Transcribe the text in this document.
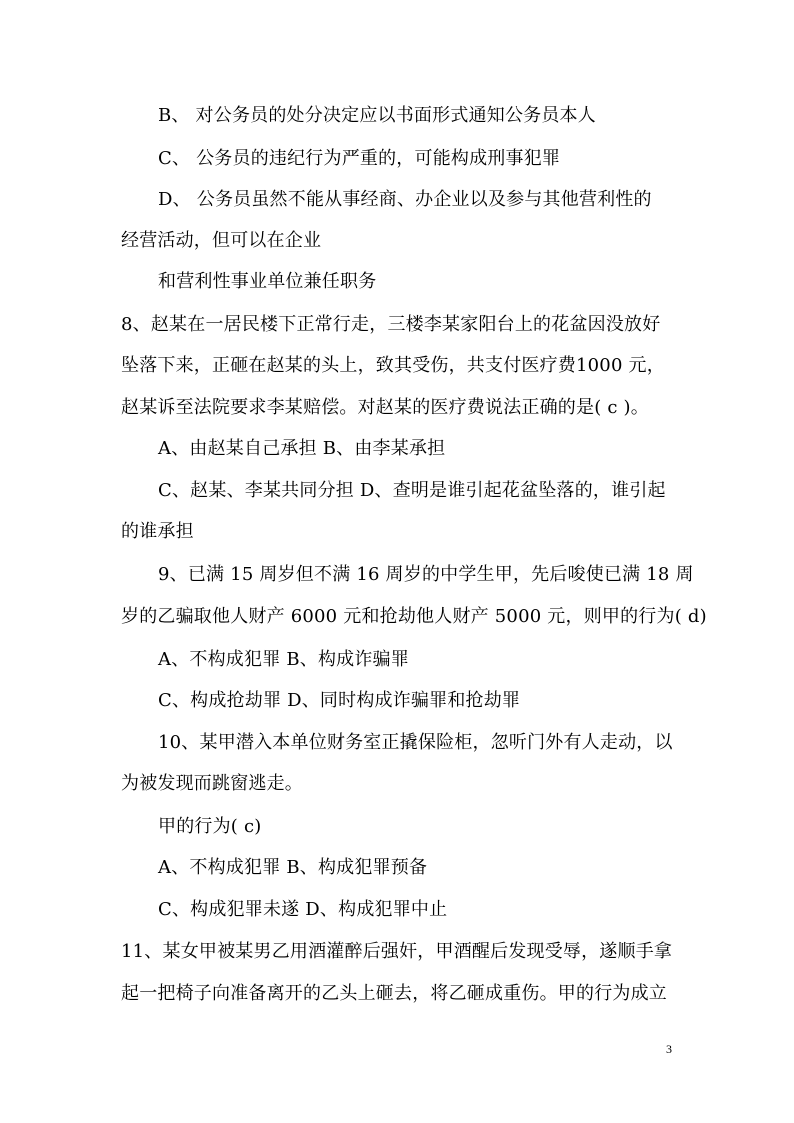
B、 对公务员的处分决定应以书面形式通知公务员本人
C、 公务员的违纪行为严重的，可能构成刑事犯罪
D、 公务员虽然不能从事经商、办企业以及参与其他营利性的
经营活动，但可以在企业
和营利性事业单位兼任职务
8、赵某在一居民楼下正常行走，三楼李某家阳台上的花盆因没放好
坠落下来，正砸在赵某的头上，致其受伤，共支付医疗费1000 元，
赵某诉至法院要求李某赔偿。对赵某的医疗费说法正确的是( c )。
A、由赵某自己承担 B、由李某承担
C、赵某、李某共同分担 D、查明是谁引起花盆坠落的，谁引起
的谁承担
9、已满 15 周岁但不满 16 周岁的中学生甲，先后唆使已满 18 周
岁的乙骗取他人财产 6000 元和抢劫他人财产 5000 元，则甲的行为( d)
A、不构成犯罪 B、构成诈骗罪
C、构成抢劫罪 D、同时构成诈骗罪和抢劫罪
10、某甲潜入本单位财务室正撬保险柜，忽听门外有人走动，以
为被发现而跳窗逃走。
甲的行为( c)
A、不构成犯罪 B、构成犯罪预备
C、构成犯罪未遂 D、构成犯罪中止
11、某女甲被某男乙用酒灌醉后强奸，甲酒醒后发现受辱，遂顺手拿
起一把椅子向准备离开的乙头上砸去，将乙砸成重伤。甲的行为成立
3
